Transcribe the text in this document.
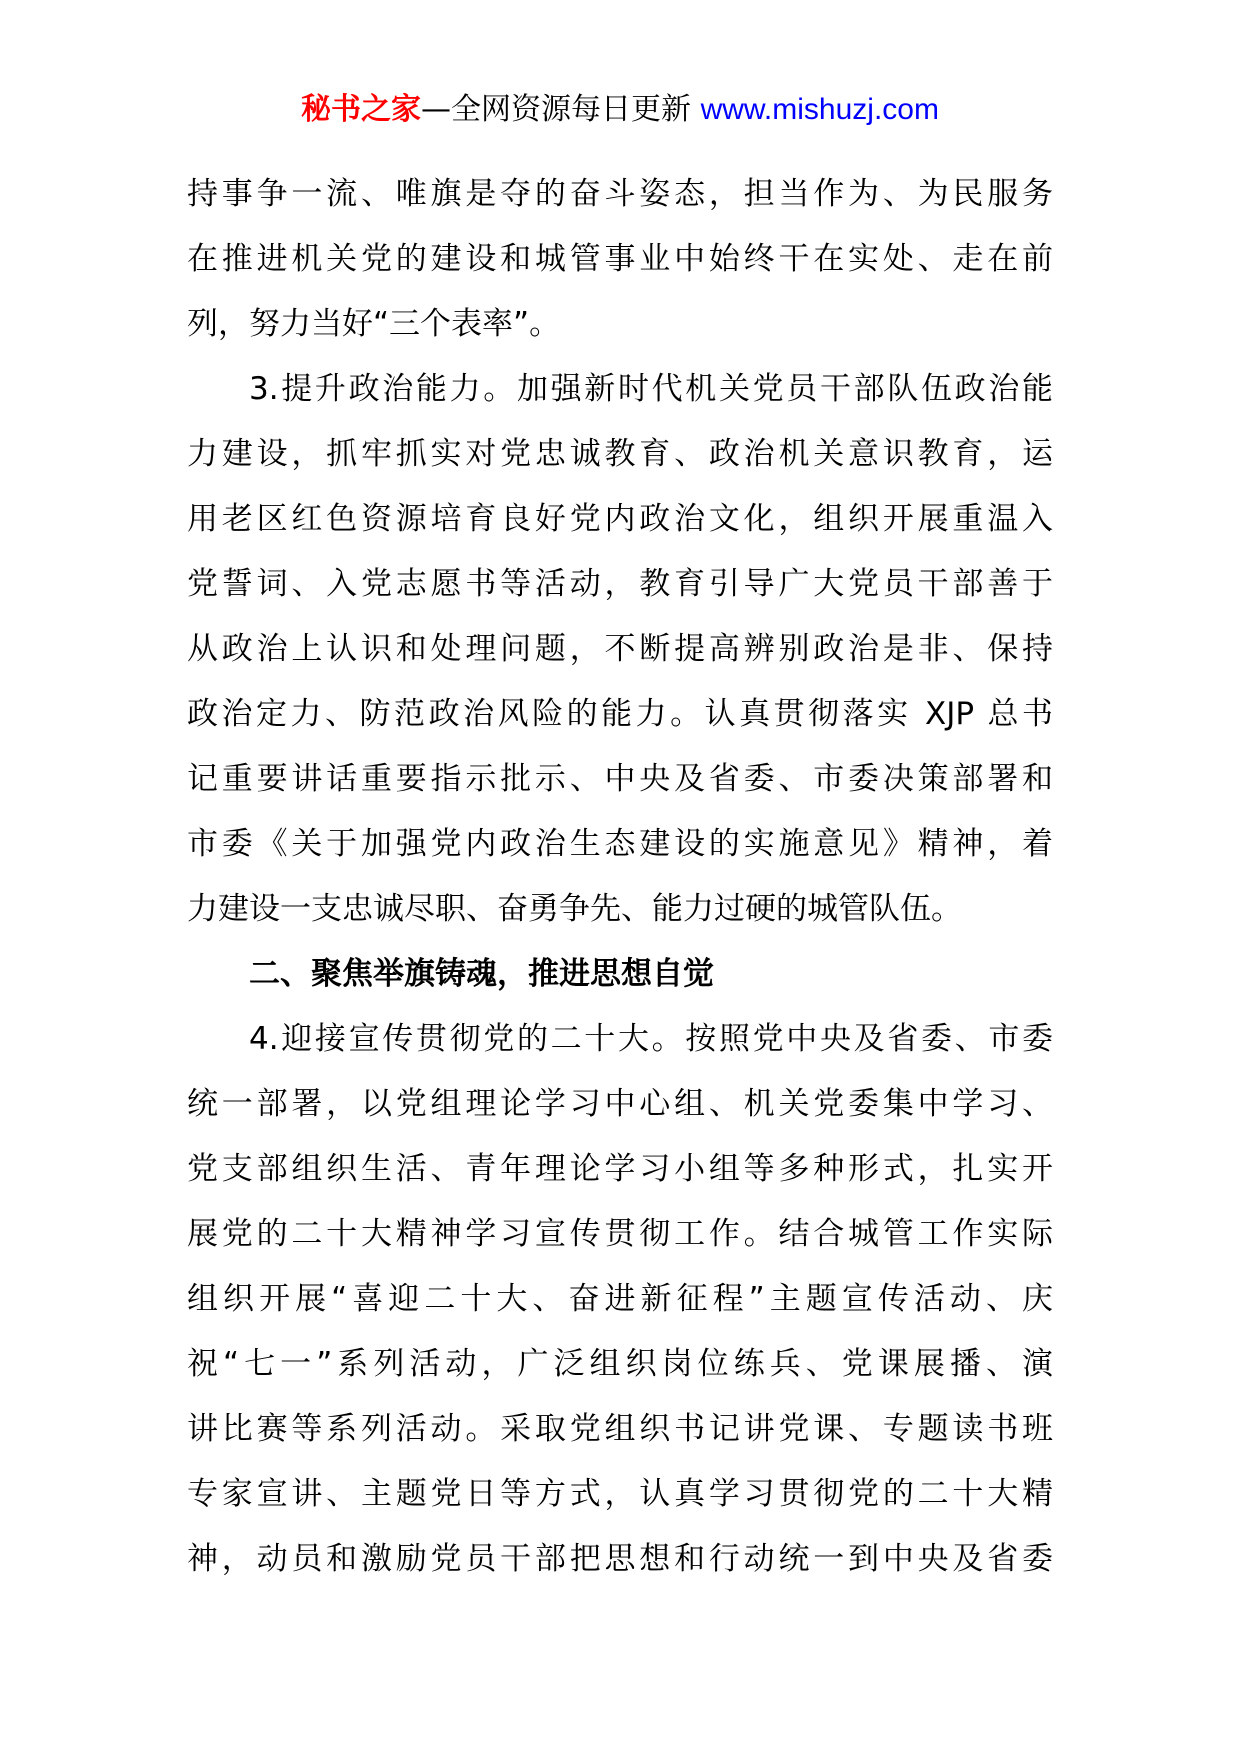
秘书之家—全网资源每日更新 www.mishuzj.com
持事争一流、唯旗是夺的奋斗姿态，担当作为、为民服务
在推进机关党的建设和城管事业中始终干在实处、走在前
列，努力当好“三个表率”。
3.提升政治能力。加强新时代机关党员干部队伍政治能
力建设，抓牢抓实对党忠诚教育、政治机关意识教育，运
用老区红色资源培育良好党内政治文化，组织开展重温入
党誓词、入党志愿书等活动，教育引导广大党员干部善于
从政治上认识和处理问题，不断提高辨别政治是非、保持
政治定力、防范政治风险的能力。认真贯彻落实 XJP 总书
记重要讲话重要指示批示、中央及省委、市委决策部署和
市委《关于加强党内政治生态建设的实施意见》精神，着
力建设一支忠诚尽职、奋勇争先、能力过硬的城管队伍。
二、聚焦举旗铸魂，推进思想自觉
4.迎接宣传贯彻党的二十大。按照党中央及省委、市委
统一部署，以党组理论学习中心组、机关党委集中学习、
党支部组织生活、青年理论学习小组等多种形式，扎实开
展党的二十大精神学习宣传贯彻工作。结合城管工作实际
组织开展“喜迎二十大、奋进新征程”主题宣传活动、庆
祝“七一”系列活动，广泛组织岗位练兵、党课展播、演
讲比赛等系列活动。采取党组织书记讲党课、专题读书班
专家宣讲、主题党日等方式，认真学习贯彻党的二十大精
神，动员和激励党员干部把思想和行动统一到中央及省委
